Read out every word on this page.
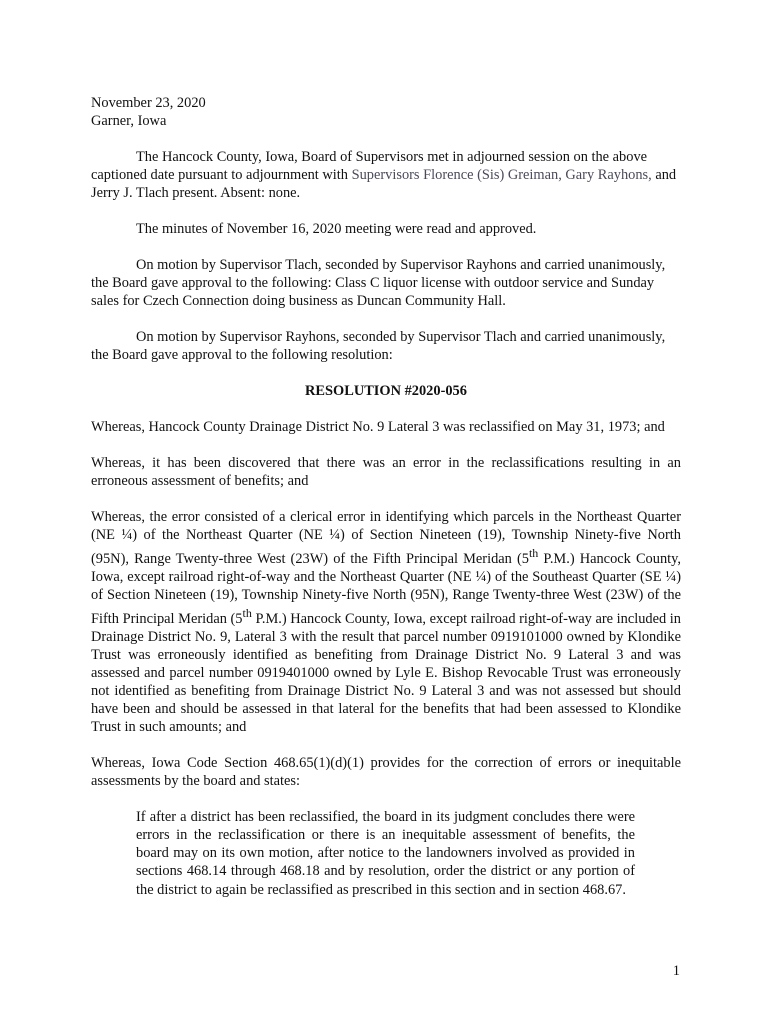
November 23, 2020
Garner, Iowa

The Hancock County, Iowa, Board of Supervisors met in adjourned session on the above captioned date pursuant to adjournment with Supervisors Florence (Sis) Greiman, Gary Rayhons, and Jerry J. Tlach present. Absent: none.

The minutes of November 16, 2020 meeting were read and approved.

On motion by Supervisor Tlach, seconded by Supervisor Rayhons and carried unanimously, the Board gave approval to the following: Class C liquor license with outdoor service and Sunday sales for Czech Connection doing business as Duncan Community Hall.

On motion by Supervisor Rayhons, seconded by Supervisor Tlach and carried unanimously, the Board gave approval to the following resolution:

RESOLUTION #2020-056

Whereas, Hancock County Drainage District No. 9 Lateral 3 was reclassified on May 31, 1973; and

Whereas, it has been discovered that there was an error in the reclassifications resulting in an erroneous assessment of benefits; and

Whereas, the error consisted of a clerical error in identifying which parcels in the Northeast Quarter (NE ¼) of the Northeast Quarter (NE ¼) of Section Nineteen (19), Township Ninety-five North (95N), Range Twenty-three West (23W) of the Fifth Principal Meridan (5th P.M.) Hancock County, Iowa, except railroad right-of-way and the Northeast Quarter (NE ¼) of the Southeast Quarter (SE ¼) of Section Nineteen (19), Township Ninety-five North (95N), Range Twenty-three West (23W) of the Fifth Principal Meridan (5th P.M.) Hancock County, Iowa, except railroad right-of-way are included in Drainage District No. 9, Lateral 3 with the result that parcel number 0919101000 owned by Klondike Trust was erroneously identified as benefiting from Drainage District No. 9 Lateral 3 and was assessed and parcel number 0919401000 owned by Lyle E. Bishop Revocable Trust was erroneously not identified as benefiting from Drainage District No. 9 Lateral 3 and was not assessed but should have been and should be assessed in that lateral for the benefits that had been assessed to Klondike Trust in such amounts; and

Whereas, Iowa Code Section 468.65(1)(d)(1) provides for the correction of errors or inequitable assessments by the board and states:

If after a district has been reclassified, the board in its judgment concludes there were errors in the reclassification or there is an inequitable assessment of benefits, the board may on its own motion, after notice to the landowners involved as provided in sections 468.14 through 468.18 and by resolution, order the district or any portion of the district to again be reclassified as prescribed in this section and in section 468.67.

1
